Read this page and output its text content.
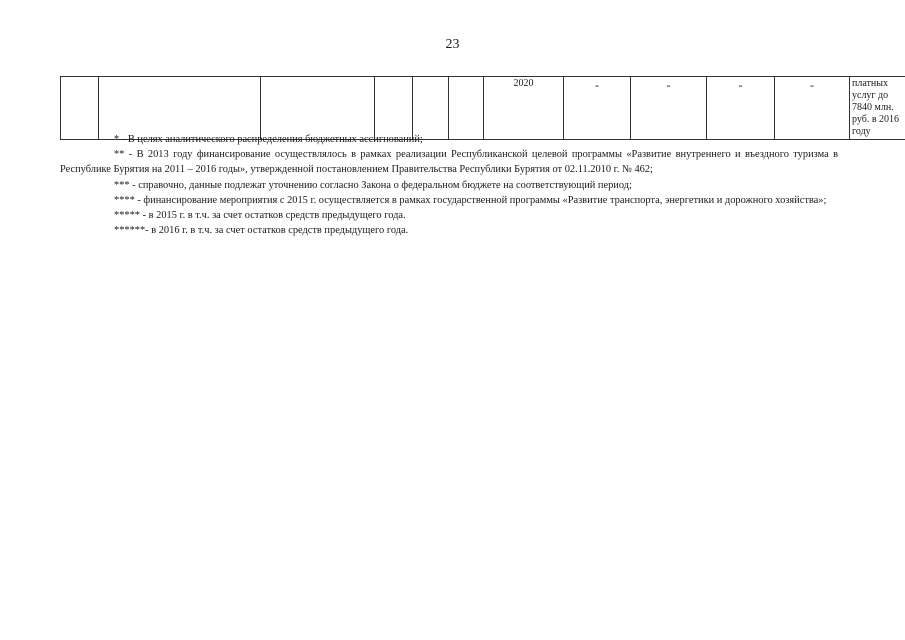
23
						2020	-	-	-	-	платных услуг до 7840 млн. руб. в 2016 году

* - В целях аналитического распределения бюджетных ассигнований;

** - В 2013 году финансирование осуществлялось в рамках реализации Республиканской целевой программы «Развитие внутреннего и въездного туризма в Республике Бурятия на 2011 – 2016 годы», утвержденной постановлением Правительства Республики Бурятия от 02.11.2010 г. № 462;

*** - справочно, данные подлежат уточнению согласно Закона о федеральном бюджете на соответствующий период;

**** - финансирование мероприятия с 2015 г. осуществляется в рамках государственной программы «Развитие транспорта, энергетики и дорожного хозяйства»;

***** - в 2015 г. в т.ч. за счет остатков средств предыдущего года.

******- в 2016 г. в т.ч. за счет остатков средств предыдущего года.
